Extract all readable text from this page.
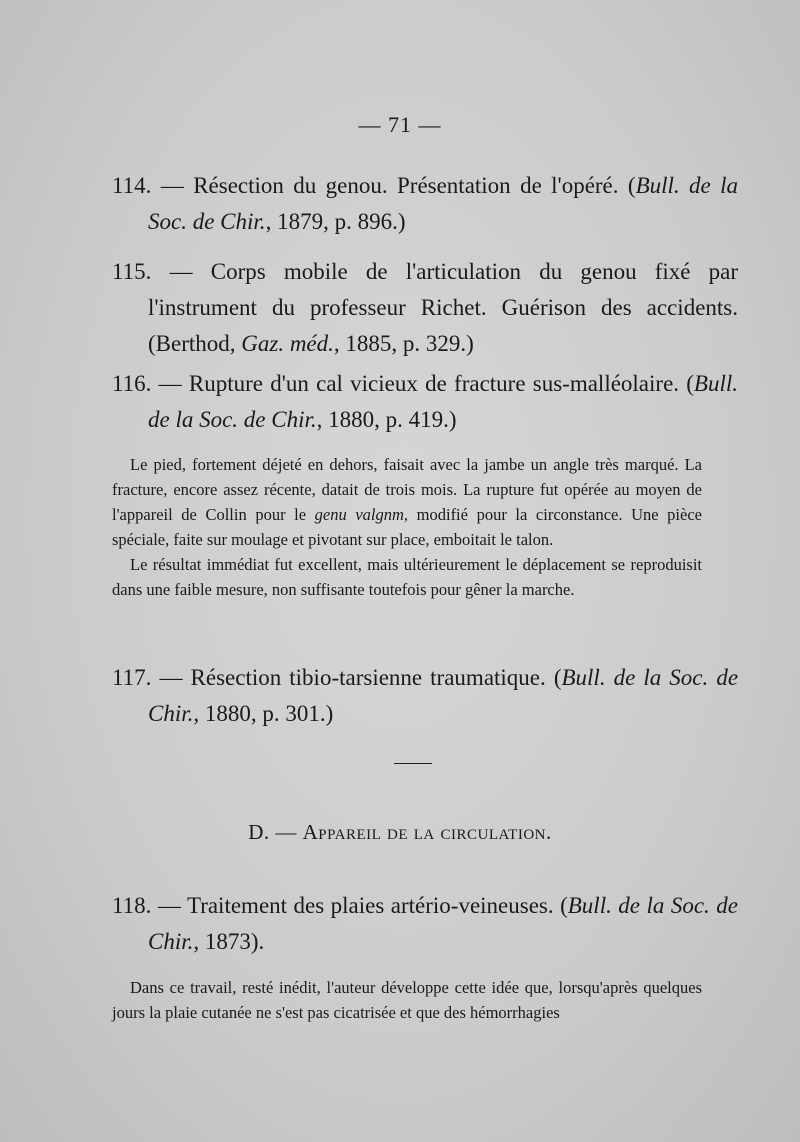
— 71 —
114. — Résection du genou. Présentation de l'opéré. (Bull. de la Soc. de Chir., 1879, p. 896.)
115. — Corps mobile de l'articulation du genou fixé par l'instrument du professeur Richet. Guérison des accidents. (Berthod, Gaz. méd., 1885, p. 329.)
116. — Rupture d'un cal vicieux de fracture sus-malléolaire. (Bull. de la Soc. de Chir., 1880, p. 419.)

Le pied, fortement déjeté en dehors, faisait avec la jambe un angle très marqué. La fracture, encore assez récente, datait de trois mois. La rupture fut opérée au moyen de l'appareil de Collin pour le genu valgnm, modifié pour la circonstance. Une pièce spéciale, faite sur moulage et pivotant sur place, emboitait le talon.

Le résultat immédiat fut excellent, mais ultérieurement le déplacement se reproduisit dans une faible mesure, non suffisante toutefois pour gêner la marche.

117. — Résection tibio-tarsienne traumatique. (Bull. de la Soc. de Chir., 1880, p. 301.)
D. — Appareil de la circulation.
118. — Traitement des plaies artério-veineuses. (Bull. de la Soc. de Chir., 1873).

Dans ce travail, resté inédit, l'auteur développe cette idée que, lorsqu'après quelques jours la plaie cutanée ne s'est pas cicatrisée et que des hémorrhagies
